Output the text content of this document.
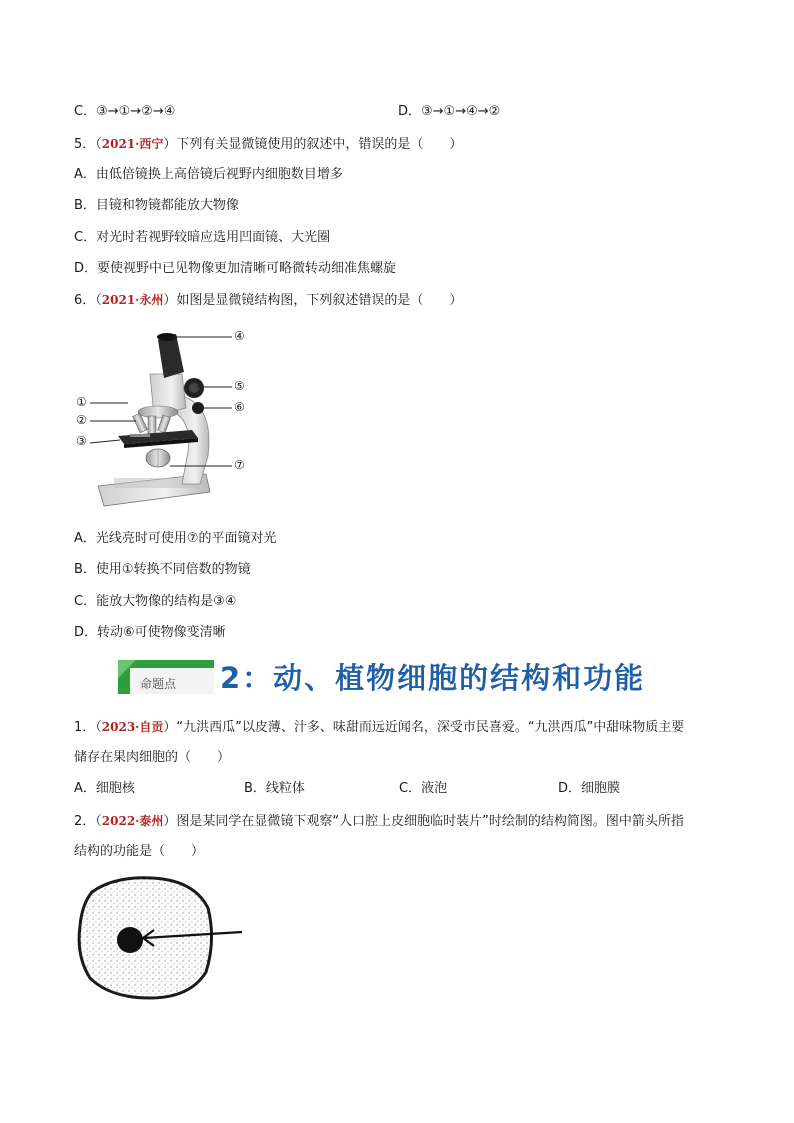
C．③→①→②→④	D．③→①→④→②
5．（2021·西宁）下列有关显微镜使用的叙述中，错误的是（　　）
A．由低倍镜换上高倍镜后视野内细胞数目增多
B．目镜和物镜都能放大物像
C．对光时若视野较暗应选用凹面镜、大光圈
D．要使视野中已见物像更加清晰可略微转动细准焦螺旋
6．（2021·永州）如图是显微镜结构图，下列叙述错误的是（　　）
④
⑤
⑥
⑦
①
②
③
A．光线亮时可使用⑦的平面镜对光
B．使用①转换不同倍数的物镜
C．能放大物像的结构是③④
D．转动⑥可使物像变清晰
命题点 2：动、植物细胞的结构和功能
1．（2023·自贡）“九洪西瓜”以皮薄、汁多、味甜而远近闻名，深受市民喜爱。“九洪西瓜”中甜味物质主要
储存在果肉细胞的（　　）
A．细胞核	B．线粒体	C．液泡	D．细胞膜
2．（2022·泰州）图是某同学在显微镜下观察“人口腔上皮细胞临时装片”时绘制的结构简图。图中箭头所指
结构的功能是（　　）
